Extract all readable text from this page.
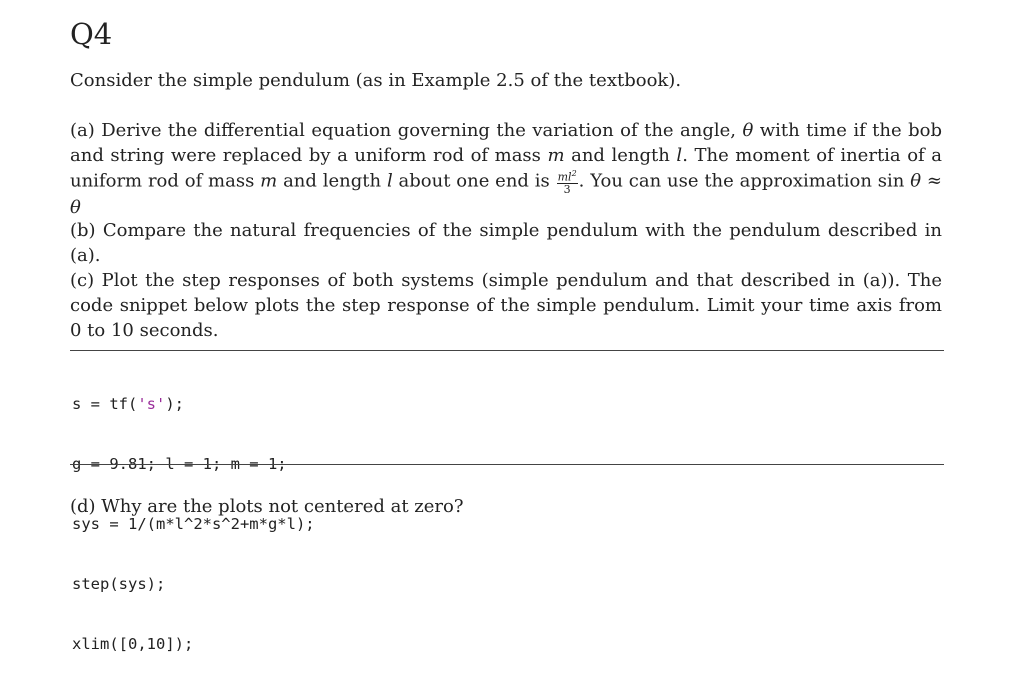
Q4

Consider the simple pendulum (as in Example 2.5 of the textbook).

(a) Derive the differential equation governing the variation of the angle, θ with time if the bob and string were replaced by a uniform rod of mass m and length l. The moment of inertia of a uniform rod of mass m and length l about one end is $\frac{ml^2}{3}$ . You can use the approximation sin θ ≈ θ

(b) Compare the natural frequencies of the simple pendulum with the pendulum described in (a).

(c) Plot the step responses of both systems (simple pendulum and that described in (a)). The code snippet below plots the step response of the simple pendulum. Limit your time axis from 0 to 10 seconds.

s = tf('s');

g = 9.81; l = 1; m = 1;

sys = 1/(m*l^2*s^2+m*g*l);

step(sys);

xlim([0,10]);

(d) Why are the plots not centered at zero?
